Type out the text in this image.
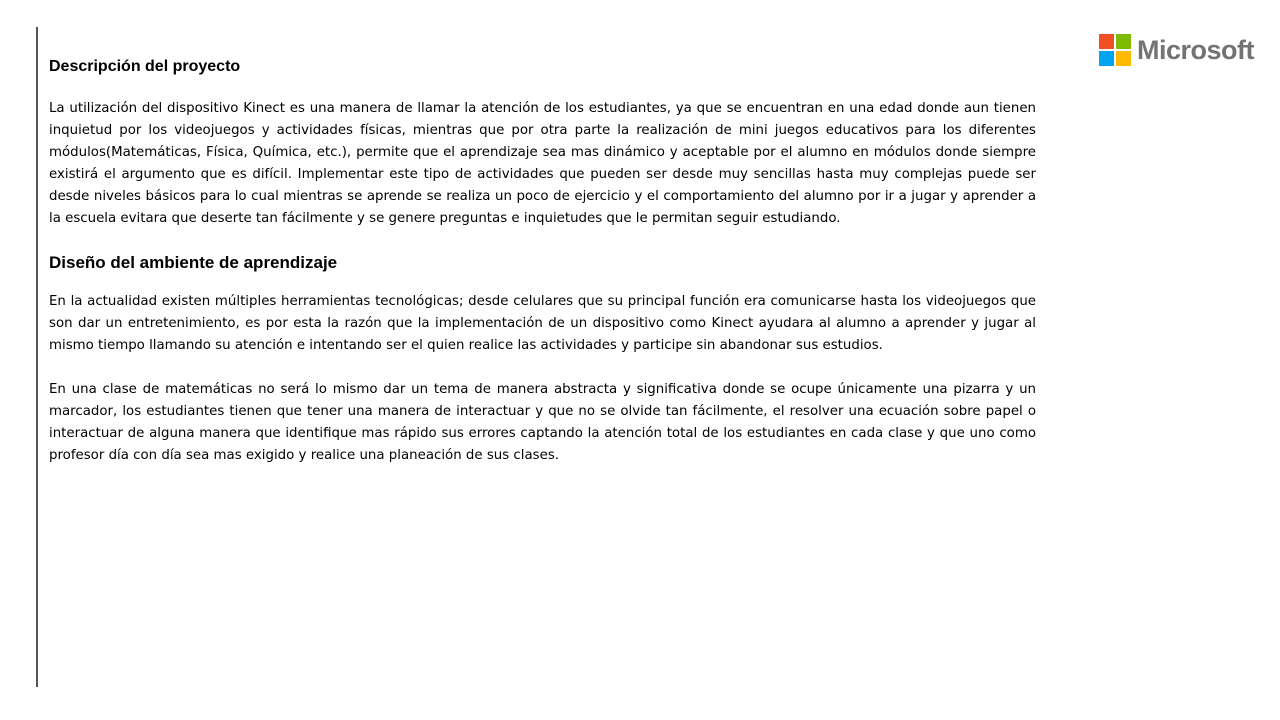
Descripción del proyecto

La utilización del dispositivo Kinect es una manera de llamar la atención de los estudiantes, ya que se encuentran en una edad donde aun tienen inquietud por los videojuegos y actividades físicas, mientras que por otra parte la realización de mini juegos educativos para los diferentes módulos(Matemáticas, Física, Química, etc.), permite que el aprendizaje sea mas dinámico y aceptable por el alumno en módulos donde siempre existirá el argumento que es difícil. Implementar este tipo de actividades que pueden ser desde muy sencillas hasta muy complejas puede ser desde niveles básicos para lo cual mientras se aprende se realiza un poco de ejercicio y el comportamiento del alumno por ir a jugar y aprender a la escuela evitara que deserte tan fácilmente y se genere preguntas e inquietudes que le permitan seguir estudiando.

Diseño del ambiente de aprendizaje

En la actualidad existen múltiples herramientas tecnológicas; desde celulares que su principal función era comunicarse hasta los videojuegos que son dar un entretenimiento, es por esta la razón que la implementación de un dispositivo como Kinect ayudara al alumno a aprender y jugar al mismo tiempo llamando su atención e intentando ser el quien realice las actividades y participe sin abandonar sus estudios.

En una clase de matemáticas no será lo mismo dar un tema de manera abstracta y significativa donde se ocupe únicamente una pizarra y un marcador, los estudiantes tienen que tener una manera de interactuar y que no se olvide tan fácilmente, el resolver una ecuación sobre papel o interactuar de alguna manera que identifique mas rápido sus errores captando la atención total de los estudiantes en cada clase y que uno como profesor día con día sea mas exigido y realice una planeación de sus clases.

Microsoft
